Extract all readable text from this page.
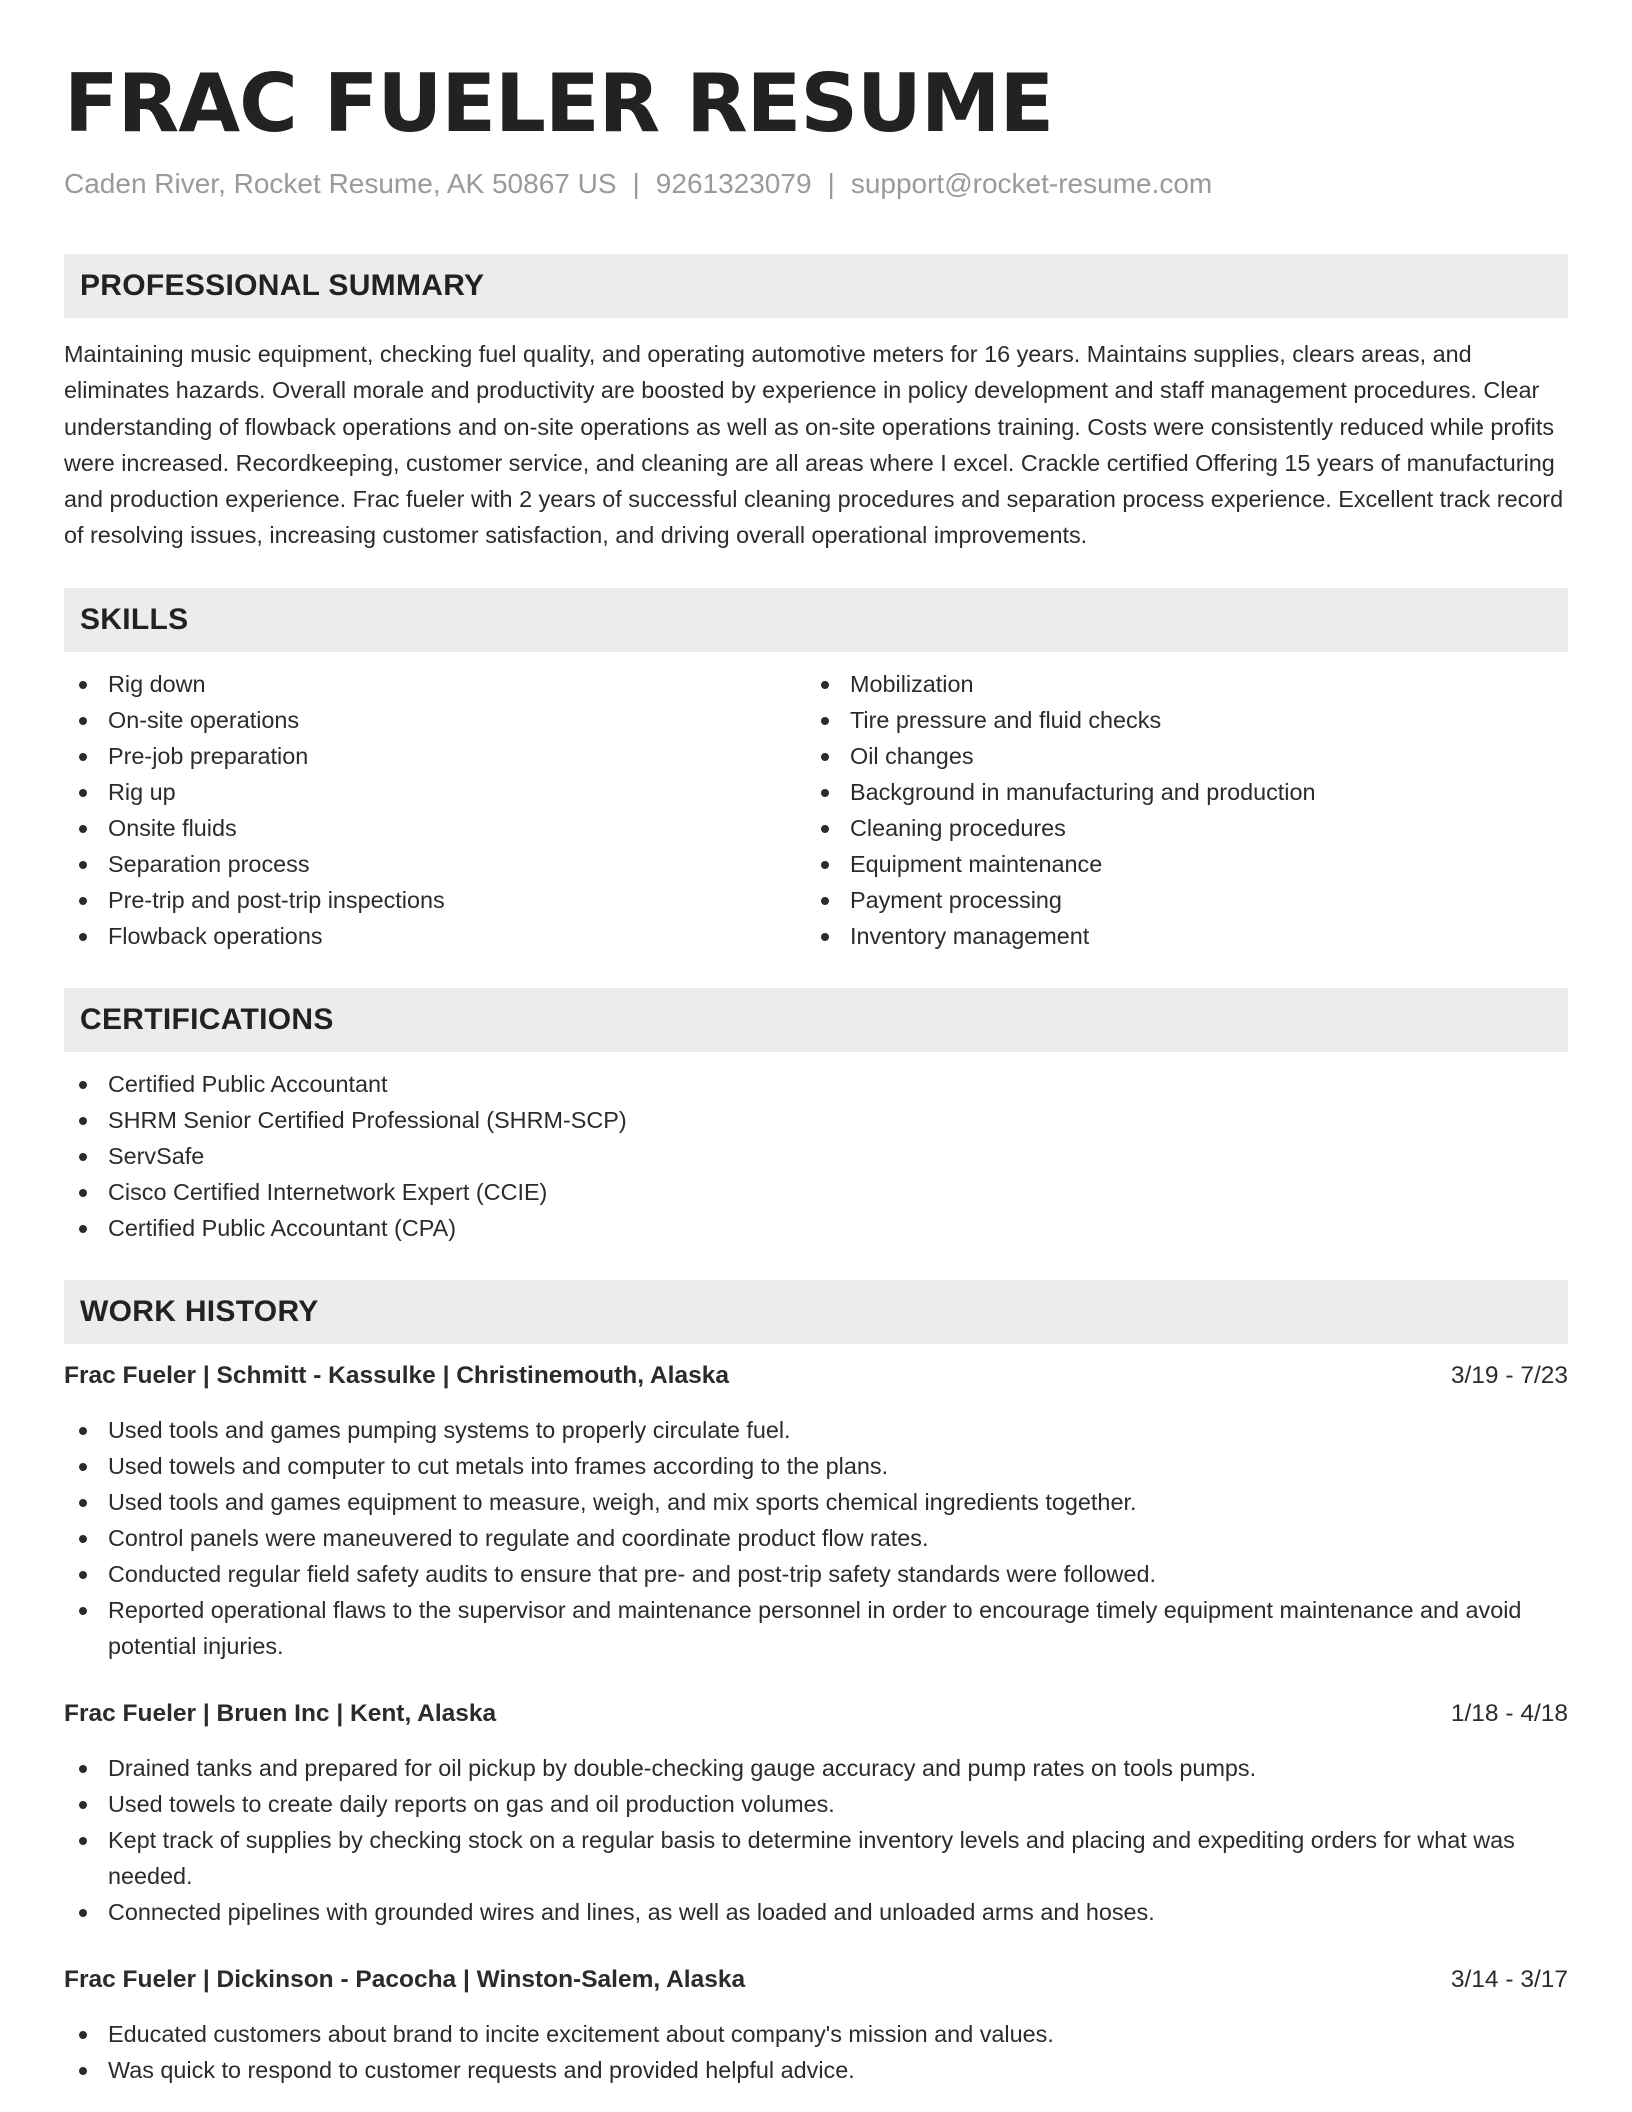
FRAC FUELER RESUME
Caden River, Rocket Resume, AK 50867 US | 9261323079 | support@rocket-resume.com
PROFESSIONAL SUMMARY

Maintaining music equipment, checking fuel quality, and operating automotive meters for 16 years. Maintains supplies, clears areas, and eliminates hazards. Overall morale and productivity are boosted by experience in policy development and staff management procedures. Clear understanding of flowback operations and on-site operations as well as on-site operations training. Costs were consistently reduced while profits were increased. Recordkeeping, customer service, and cleaning are all areas where I excel. Crackle certified Offering 15 years of manufacturing and production experience. Frac fueler with 2 years of successful cleaning procedures and separation process experience. Excellent track record of resolving issues, increasing customer satisfaction, and driving overall operational improvements.

SKILLS
Rig down
On-site operations
Pre-job preparation
Rig up
Onsite fluids
Separation process
Pre-trip and post-trip inspections
Flowback operations
Mobilization
Tire pressure and fluid checks
Oil changes
Background in manufacturing and production
Cleaning procedures
Equipment maintenance
Payment processing
Inventory management
CERTIFICATIONS
Certified Public Accountant
SHRM Senior Certified Professional (SHRM-SCP)
ServSafe
Cisco Certified Internetwork Expert (CCIE)
Certified Public Accountant (CPA)
WORK HISTORY
Frac Fueler | Schmitt - Kassulke | Christinemouth, Alaska	3/19 - 7/23
Used tools and games pumping systems to properly circulate fuel.
Used towels and computer to cut metals into frames according to the plans.
Used tools and games equipment to measure, weigh, and mix sports chemical ingredients together.
Control panels were maneuvered to regulate and coordinate product flow rates.
Conducted regular field safety audits to ensure that pre- and post-trip safety standards were followed.
Reported operational flaws to the supervisor and maintenance personnel in order to encourage timely equipment maintenance and avoid potential injuries.
Frac Fueler | Bruen Inc | Kent, Alaska	1/18 - 4/18
Drained tanks and prepared for oil pickup by double-checking gauge accuracy and pump rates on tools pumps.
Used towels to create daily reports on gas and oil production volumes.
Kept track of supplies by checking stock on a regular basis to determine inventory levels and placing and expediting orders for what was needed.
Connected pipelines with grounded wires and lines, as well as loaded and unloaded arms and hoses.
Frac Fueler | Dickinson - Pacocha | Winston-Salem, Alaska	3/14 - 3/17
Educated customers about brand to incite excitement about company's mission and values.
Was quick to respond to customer requests and provided helpful advice.
